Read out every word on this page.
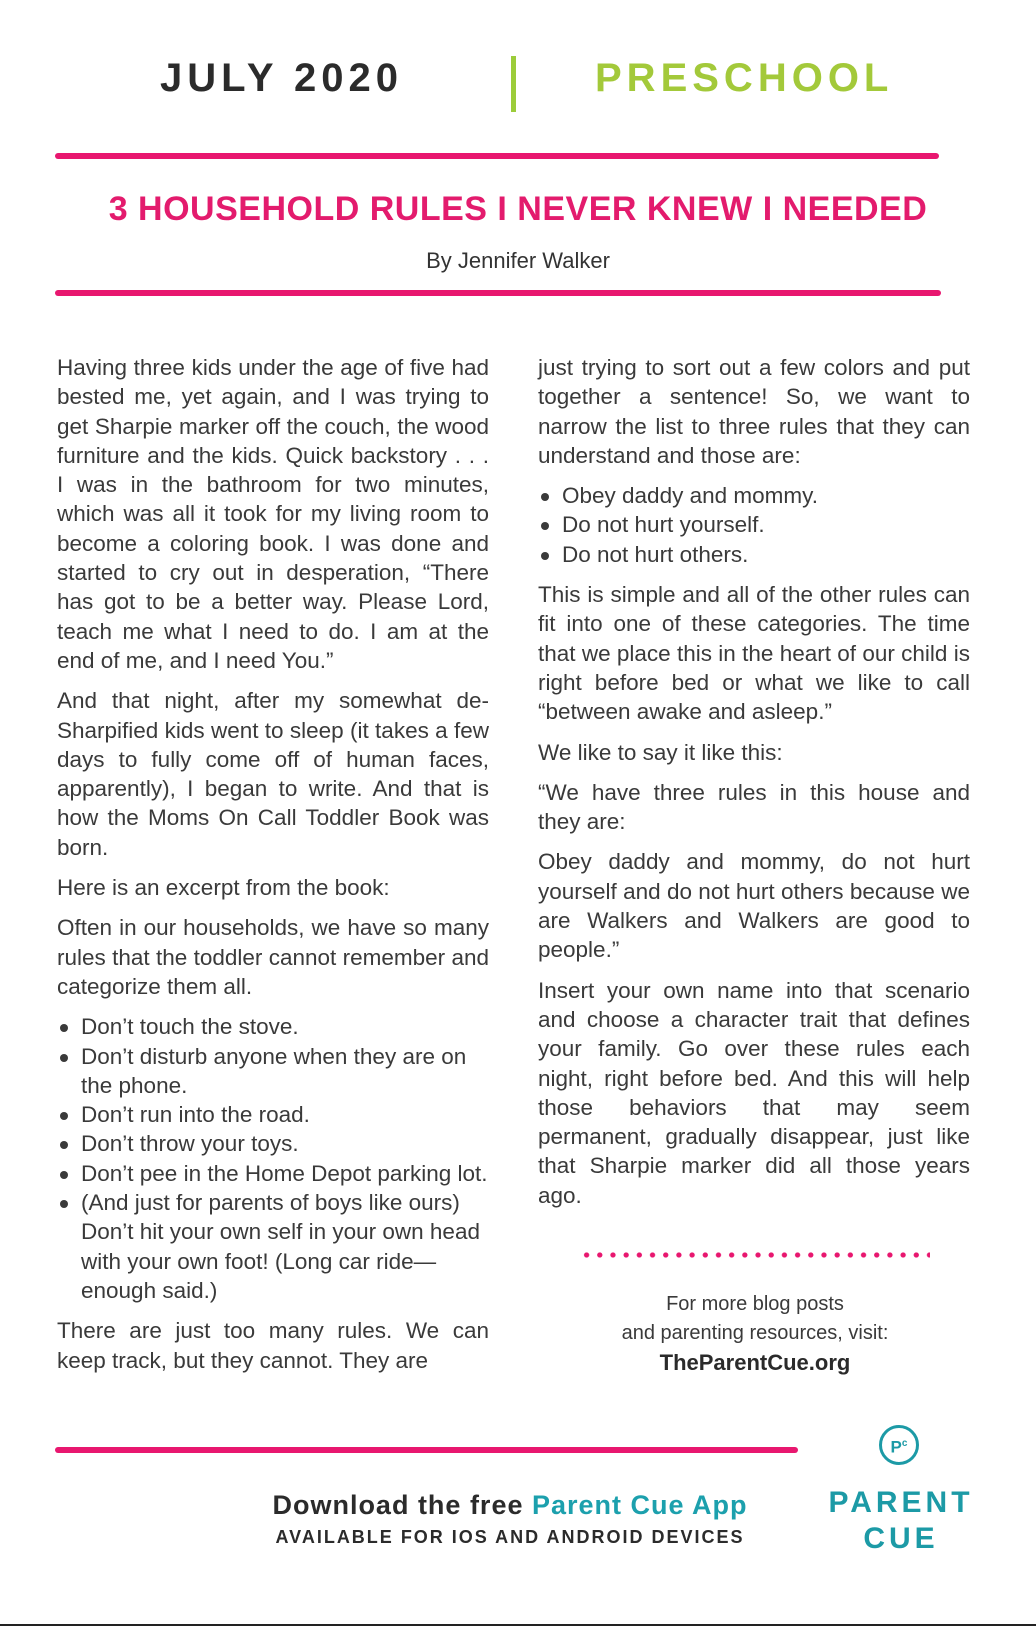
JULY 2020	PRESCHOOL
3 HOUSEHOLD RULES I NEVER KNEW I NEEDED
By Jennifer Walker

Having three kids under the age of five had bested me, yet again, and I was trying to get Sharpie marker off the couch, the wood furniture and the kids. Quick backstory . . . I was in the bathroom for two minutes, which was all it took for my living room to become a coloring book. I was done and started to cry out in desperation, “There has got to be a better way. Please Lord, teach me what I need to do. I am at the end of me, and I need You.”

And that night, after my somewhat de-Sharpified kids went to sleep (it takes a few days to fully come off of human faces, apparently), I began to write. And that is how the Moms On Call Toddler Book was born.

Here is an excerpt from the book:

Often in our households, we have so many rules that the toddler cannot remember and categorize them all.

Don’t touch the stove.
Don’t disturb anyone when they are on the phone.
Don’t run into the road.
Don’t throw your toys.
Don’t pee in the Home Depot parking lot.
(And just for parents of boys like ours) Don’t hit your own self in your own head with your own foot! (Long car ride—enough said.)

There are just too many rules. We can keep track, but they cannot. They are

just trying to sort out a few colors and put together a sentence! So, we want to narrow the list to three rules that they can understand and those are:

Obey daddy and mommy.
Do not hurt yourself.
Do not hurt others.

This is simple and all of the other rules can fit into one of these categories. The time that we place this in the heart of our child is right before bed or what we like to call “between awake and asleep.”

We like to say it like this:

“We have three rules in this house and they are:

Obey daddy and mommy, do not hurt yourself and do not hurt others because we are Walkers and Walkers are good to people.”

Insert your own name into that scenario and choose a character trait that defines your family. Go over these rules each night, right before bed. And this will help those behaviors that may seem permanent, gradually disappear, just like that Sharpie marker did all those years ago.

For more blog posts
and parenting resources, visit:
TheParentCue.org
Download the free Parent Cue App
AVAILABLE FOR IOS AND ANDROID DEVICES
$P^c$
PARENT
CUE
